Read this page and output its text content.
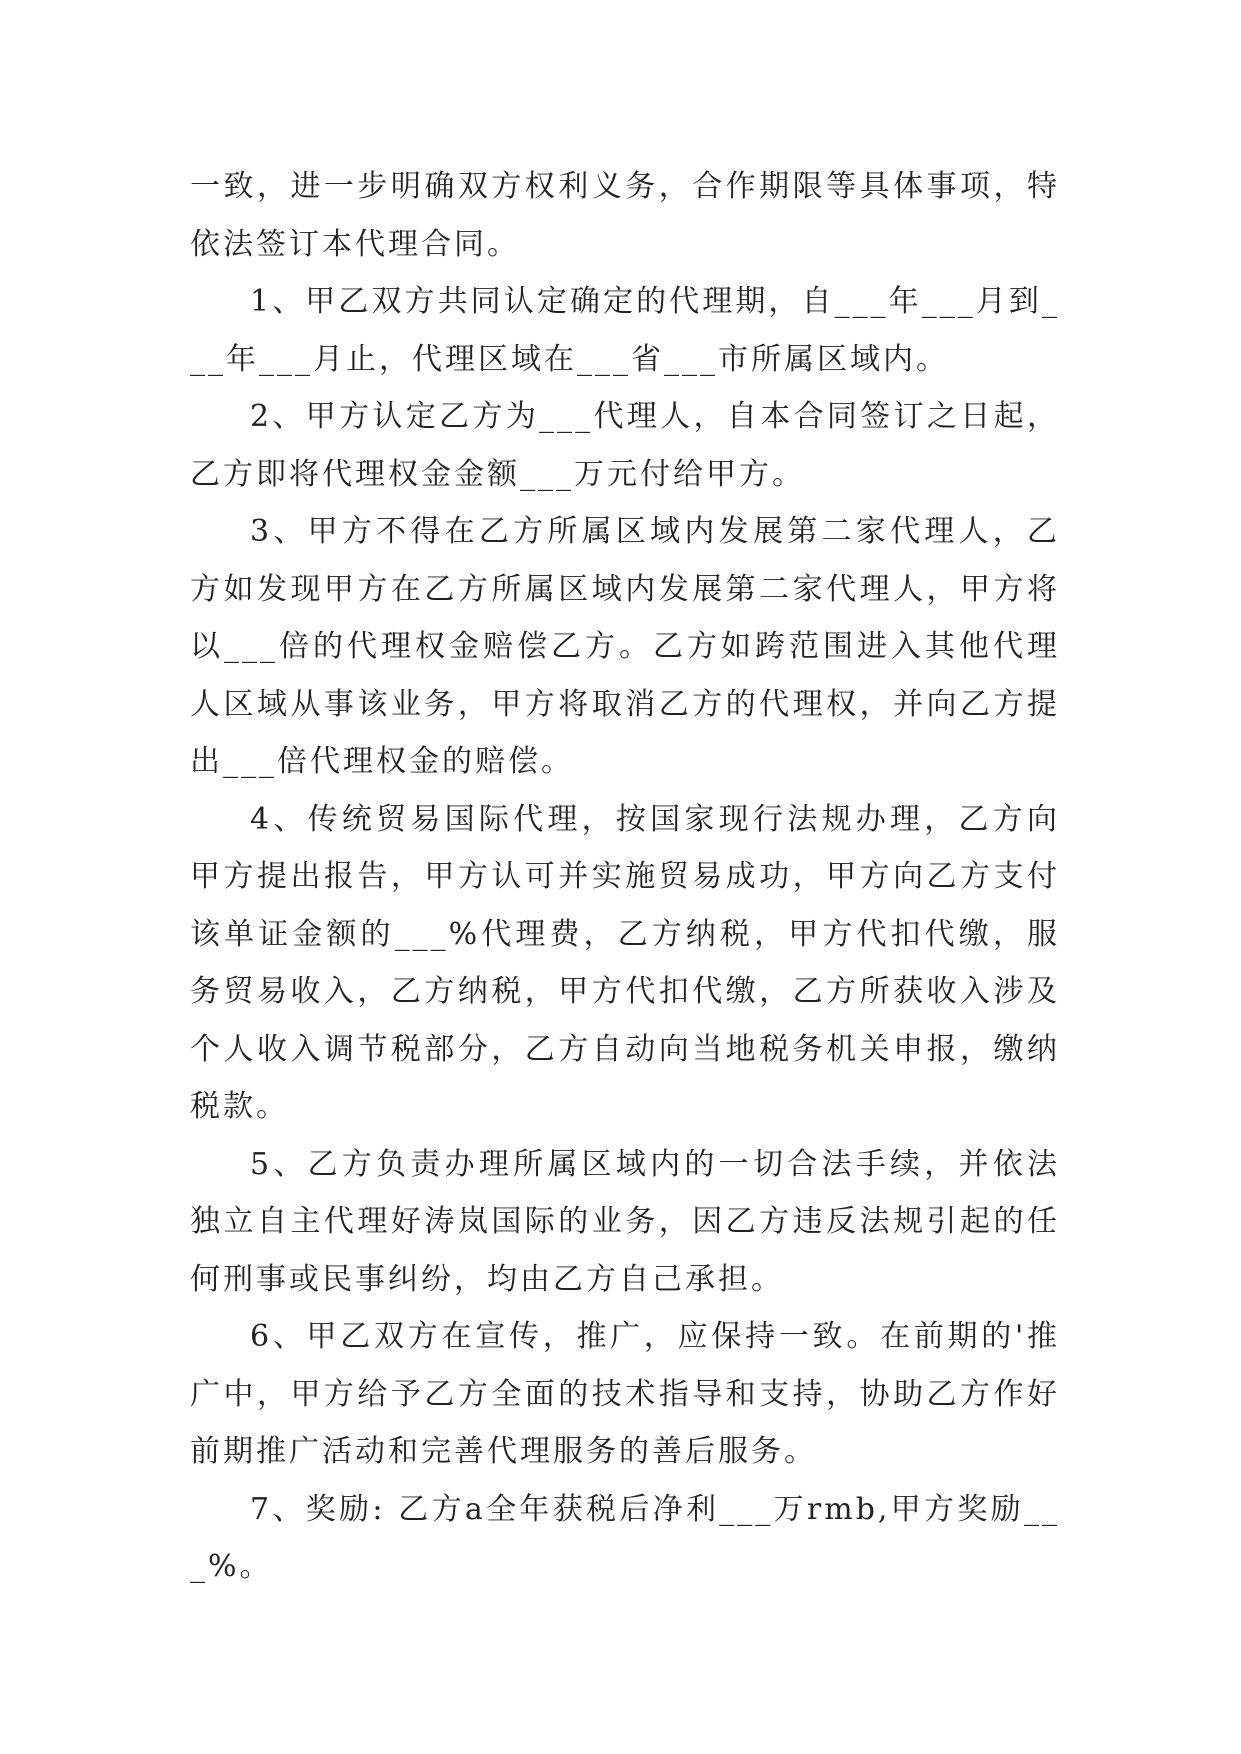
一致，进一步明确双方权利义务，合作期限等具体事项，特依法签订本代理合同。

1、甲乙双方共同认定确定的代理期，自___年___月到___年___月止，代理区域在___省___市所属区域内。

2、甲方认定乙方为___代理人，自本合同签订之日起，乙方即将代理权金金额___万元付给甲方。

3、甲方不得在乙方所属区域内发展第二家代理人，乙方如发现甲方在乙方所属区域内发展第二家代理人，甲方将以___倍的代理权金赔偿乙方。乙方如跨范围进入其他代理人区域从事该业务，甲方将取消乙方的代理权，并向乙方提出___倍代理权金的赔偿。

4、传统贸易国际代理，按国家现行法规办理，乙方向甲方提出报告，甲方认可并实施贸易成功，甲方向乙方支付该单证金额的___%代理费，乙方纳税，甲方代扣代缴，服务贸易收入，乙方纳税，甲方代扣代缴，乙方所获收入涉及个人收入调节税部分，乙方自动向当地税务机关申报，缴纳税款。

5、乙方负责办理所属区域内的一切合法手续，并依法独立自主代理好涛岚国际的业务，因乙方违反法规引起的任何刑事或民事纠纷，均由乙方自己承担。

6、甲乙双方在宣传，推广，应保持一致。在前期的'推广中，甲方给予乙方全面的技术指导和支持，协助乙方作好前期推广活动和完善代理服务的善后服务。

7、奖励: 乙方a全年获税后净利___万rmb,甲方奖励___%。
